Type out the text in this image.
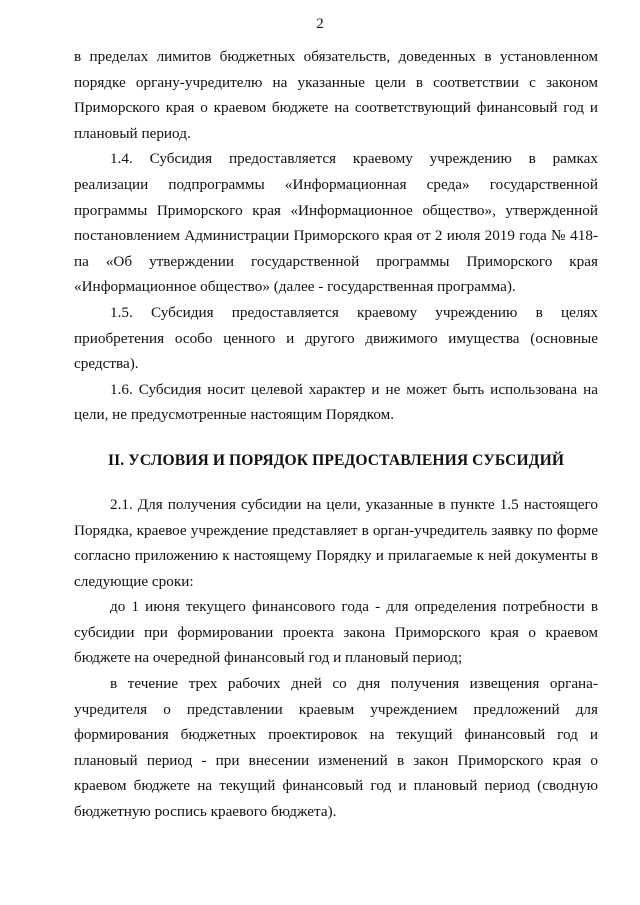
2

в пределах лимитов бюджетных обязательств, доведенных в установленном порядке органу-учредителю на указанные цели в соответствии с законом Приморского края о краевом бюджете на соответствующий финансовый год и плановый период.

1.4. Субсидия предоставляется краевому учреждению в рамках реализации подпрограммы «Информационная среда» государственной программы Приморского края «Информационное общество», утвержденной постановлением Администрации Приморского края от 2 июля 2019 года № 418-па «Об утверждении государственной программы Приморского края «Информационное общество» (далее - государственная программа).

1.5. Субсидия предоставляется краевому учреждению в целях приобретения особо ценного и другого движимого имущества (основные средства).

1.6. Субсидия носит целевой характер и не может быть использована на цели, не предусмотренные настоящим Порядком.

II. УСЛОВИЯ И ПОРЯДОК ПРЕДОСТАВЛЕНИЯ СУБСИДИЙ

2.1. Для получения субсидии на цели, указанные в пункте 1.5 настоящего Порядка, краевое учреждение представляет в орган-учредитель заявку по форме согласно приложению к настоящему Порядку и прилагаемые к ней документы в следующие сроки:

до 1 июня текущего финансового года - для определения потребности в субсидии при формировании проекта закона Приморского края о краевом бюджете на очередной финансовый год и плановый период;

в течение трех рабочих дней со дня получения извещения органа-учредителя о представлении краевым учреждением предложений для формирования бюджетных проектировок на текущий финансовый год и плановый период - при внесении изменений в закон Приморского края о краевом бюджете на текущий финансовый год и плановый период (сводную бюджетную роспись краевого бюджета).
